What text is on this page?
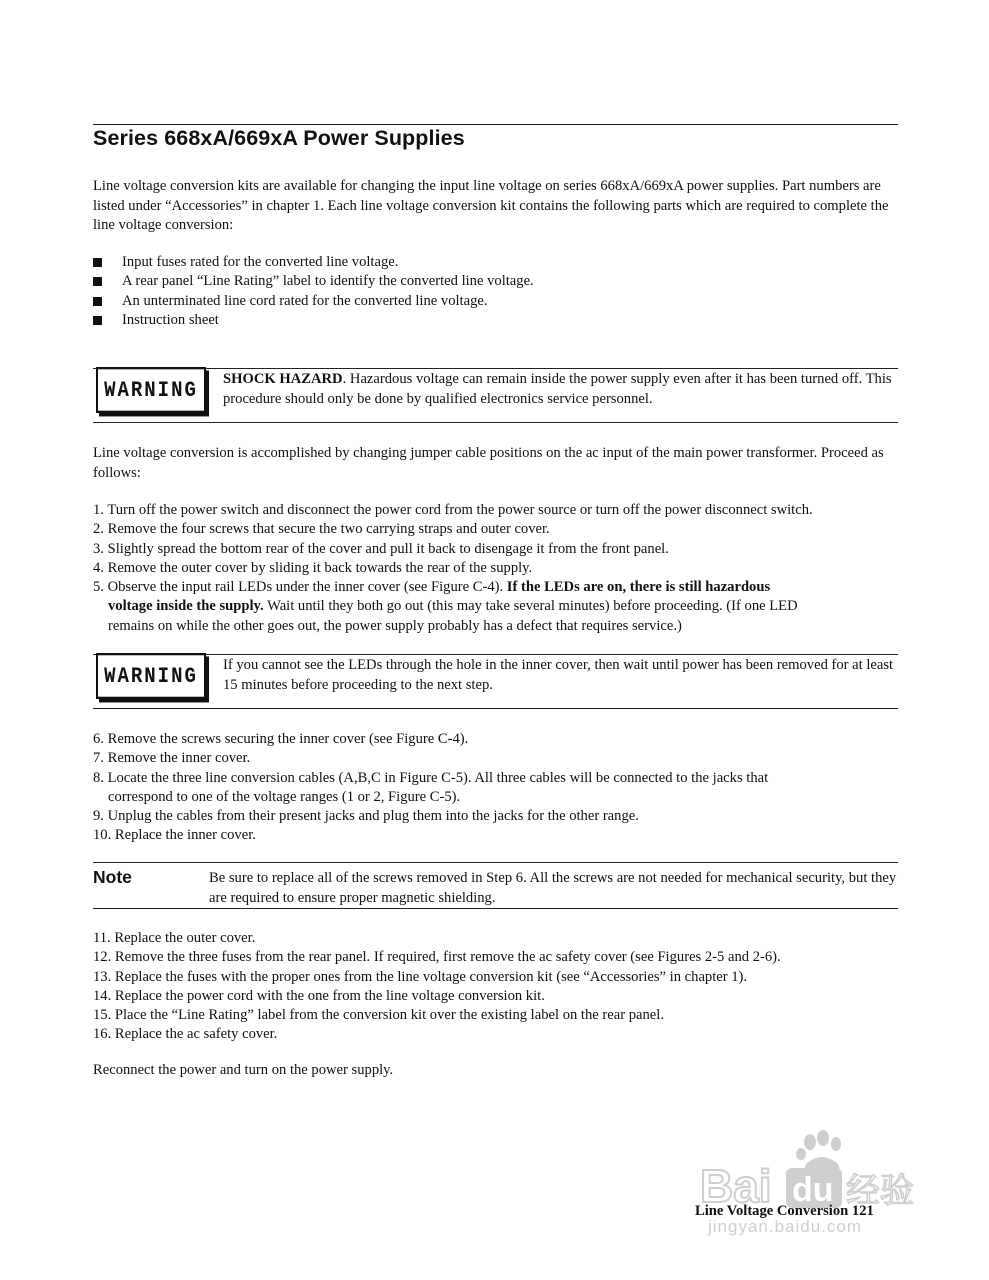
Series 668xA/669xA Power Supplies

Line voltage conversion kits are available for changing the input line voltage on series 668xA/669xA power supplies. Part numbers are listed under “Accessories” in chapter 1. Each line voltage conversion kit contains the following parts which are required to complete the line voltage conversion:

Input fuses rated for the converted line voltage.
A rear panel “Line Rating” label to identify the converted line voltage.
An unterminated line cord rated for the converted line voltage.
Instruction sheet
WARNING	SHOCK HAZARD. Hazardous voltage can remain inside the power supply even after it has been turned off. This procedure should only be done by qualified electronics service personnel.

Line voltage conversion is accomplished by changing jumper cable positions on the ac input of the main power transformer. Proceed as follows:

1. Turn off the power switch and disconnect the power cord from the power source or turn off the power disconnect switch.
2. Remove the four screws that secure the two carrying straps and outer cover.
3. Slightly spread the bottom rear of the cover and pull it back to disengage it from the front panel.
4. Remove the outer cover by sliding it back towards the rear of the supply.
5. Observe the input rail LEDs under the inner cover (see Figure C-4). If the LEDs are on, there is still hazardous
voltage inside the supply. Wait until they both go out (this may take several minutes) before proceeding. (If one LED
remains on while the other goes out, the power supply probably has a defect that requires service.)
WARNING	If you cannot see the LEDs through the hole in the inner cover, then wait until power has been removed for at least 15 minutes before proceeding to the next step.

6. Remove the screws securing the inner cover (see Figure C-4).
7. Remove the inner cover.
8. Locate the three line conversion cables (A,B,C in Figure C-5). All three cables will be connected to the jacks that
correspond to one of the voltage ranges (1 or 2, Figure C-5).
9. Unplug the cables from their present jacks and plug them into the jacks for the other range.
10. Replace the inner cover.
Note	Be sure to replace all of the screws removed in Step 6. All the screws are not needed for mechanical security, but they are required to ensure proper magnetic shielding.

11. Replace the outer cover.
12. Remove the three fuses from the rear panel. If required, first remove the ac safety cover (see Figures 2-5 and 2-6).
13. Replace the fuses with the proper ones from the line voltage conversion kit (see “Accessories” in chapter 1).
14. Replace the power cord with the one from the line voltage conversion kit.
15. Place the “Line Rating” label from the conversion kit over the existing label on the rear panel.
16. Replace the ac safety cover.

Reconnect the power and turn on the power supply.

Bai du 经验
jingyan.baidu.com
Line Voltage Conversion 121
